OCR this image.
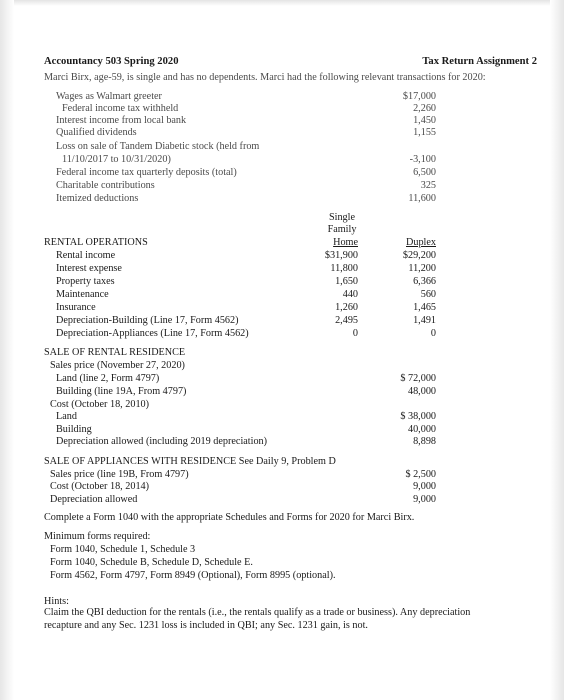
Accountancy 503 Spring 2020	Tax Return Assignment 2
Marci Birx, age-59, is single and has no dependents. Marci had the following relevant transactions for 2020:
Wages as Walmart greeter	$17,000
Federal income tax withheld	2,260
Interest income from local bank	1,450
Qualified dividends	1,155
Loss on sale of Tandem Diabetic stock (held from
11/10/2017 to 10/31/2020)	-3,100
Federal income tax quarterly deposits (total)	6,500
Charitable contributions	325
Itemized deductions	11,600
Single
Family
Home	Duplex
RENTAL OPERATIONS
Rental income	$31,900	$29,200
Interest expense	11,800	11,200
Property taxes	1,650	6,366
Maintenance	440	560
Insurance	1,260	1,465
Depreciation-Building (Line 17, Form 4562)	2,495	1,491
Depreciation-Appliances (Line 17, Form 4562)	0	0
SALE OF RENTAL RESIDENCE
Sales price (November 27, 2020)
Land (line 2, Form 4797)	$ 72,000
Building (line 19A, From 4797)	48,000
Cost (October 18, 2010)
Land	$ 38,000
Building	40,000
Depreciation allowed (including 2019 depreciation)	8,898
SALE OF APPLIANCES WITH RESIDENCE See Daily 9, Problem D
Sales price (line 19B, From 4797)	$ 2,500
Cost (October 18, 2014)	9,000
Depreciation allowed	9,000
Complete a Form 1040 with the appropriate Schedules and Forms for 2020 for Marci Birx.
Minimum forms required:
Form 1040, Schedule 1, Schedule 3
Form 1040, Schedule B, Schedule D, Schedule E.
Form 4562, Form 4797, Form 8949 (Optional), Form 8995 (optional).
Hints:
Claim the QBI deduction for the rentals (i.e., the rentals qualify as a trade or business). Any depreciation
recapture and any Sec. 1231 loss is included in QBI; any Sec. 1231 gain, is not.
